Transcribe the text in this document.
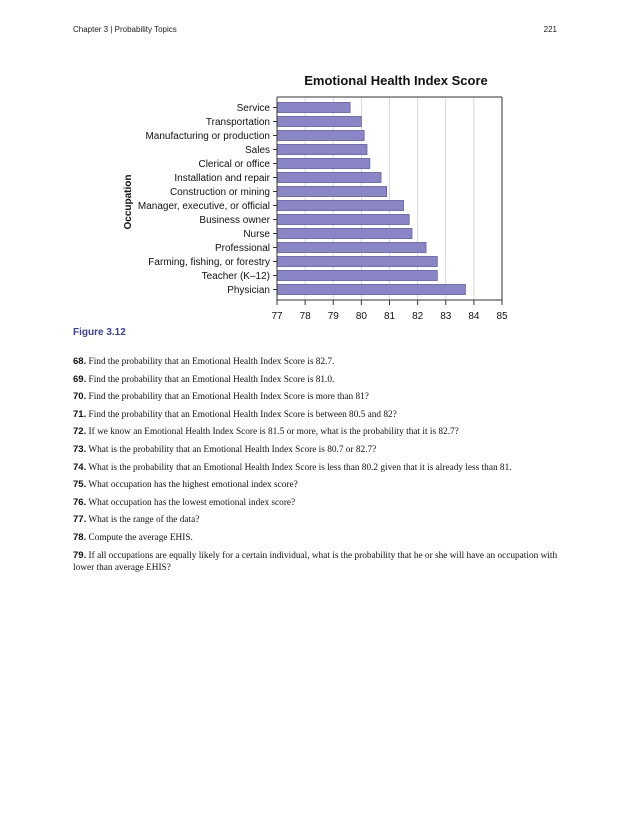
Chapter 3 | Probability Topics	221
Emotional Health Index Score
Occupation
Service
Transportation
Manufacturing or production
Sales
Clerical or office
Installation and repair
Construction or mining
Manager, executive, or official
Business owner
Nurse
Professional
Farming, fishing, or forestry
Teacher (K–12)
Physician
77 78 79 80 81 82 83 84 85
Figure 3.12

68. Find the probability that an Emotional Health Index Score is 82.7.

69. Find the probability that an Emotional Health Index Score is 81.0.

70. Find the probability that an Emotional Health Index Score is more than 81?

71. Find the probability that an Emotional Health Index Score is between 80.5 and 82?

72. If we know an Emotional Health Index Score is 81.5 or more, what is the probability that it is 82.7?

73. What is the probability that an Emotional Health Index Score is 80.7 or 82.7?

74. What is the probability that an Emotional Health Index Score is less than 80.2 given that it is already less than 81.

75. What occupation has the highest emotional index score?

76. What occupation has the lowest emotional index score?

77. What is the range of the data?

78. Compute the average EHIS.

79. If all occupations are equally likely for a certain individual, what is the probability that he or she will have an occupation with lower than average EHIS?
